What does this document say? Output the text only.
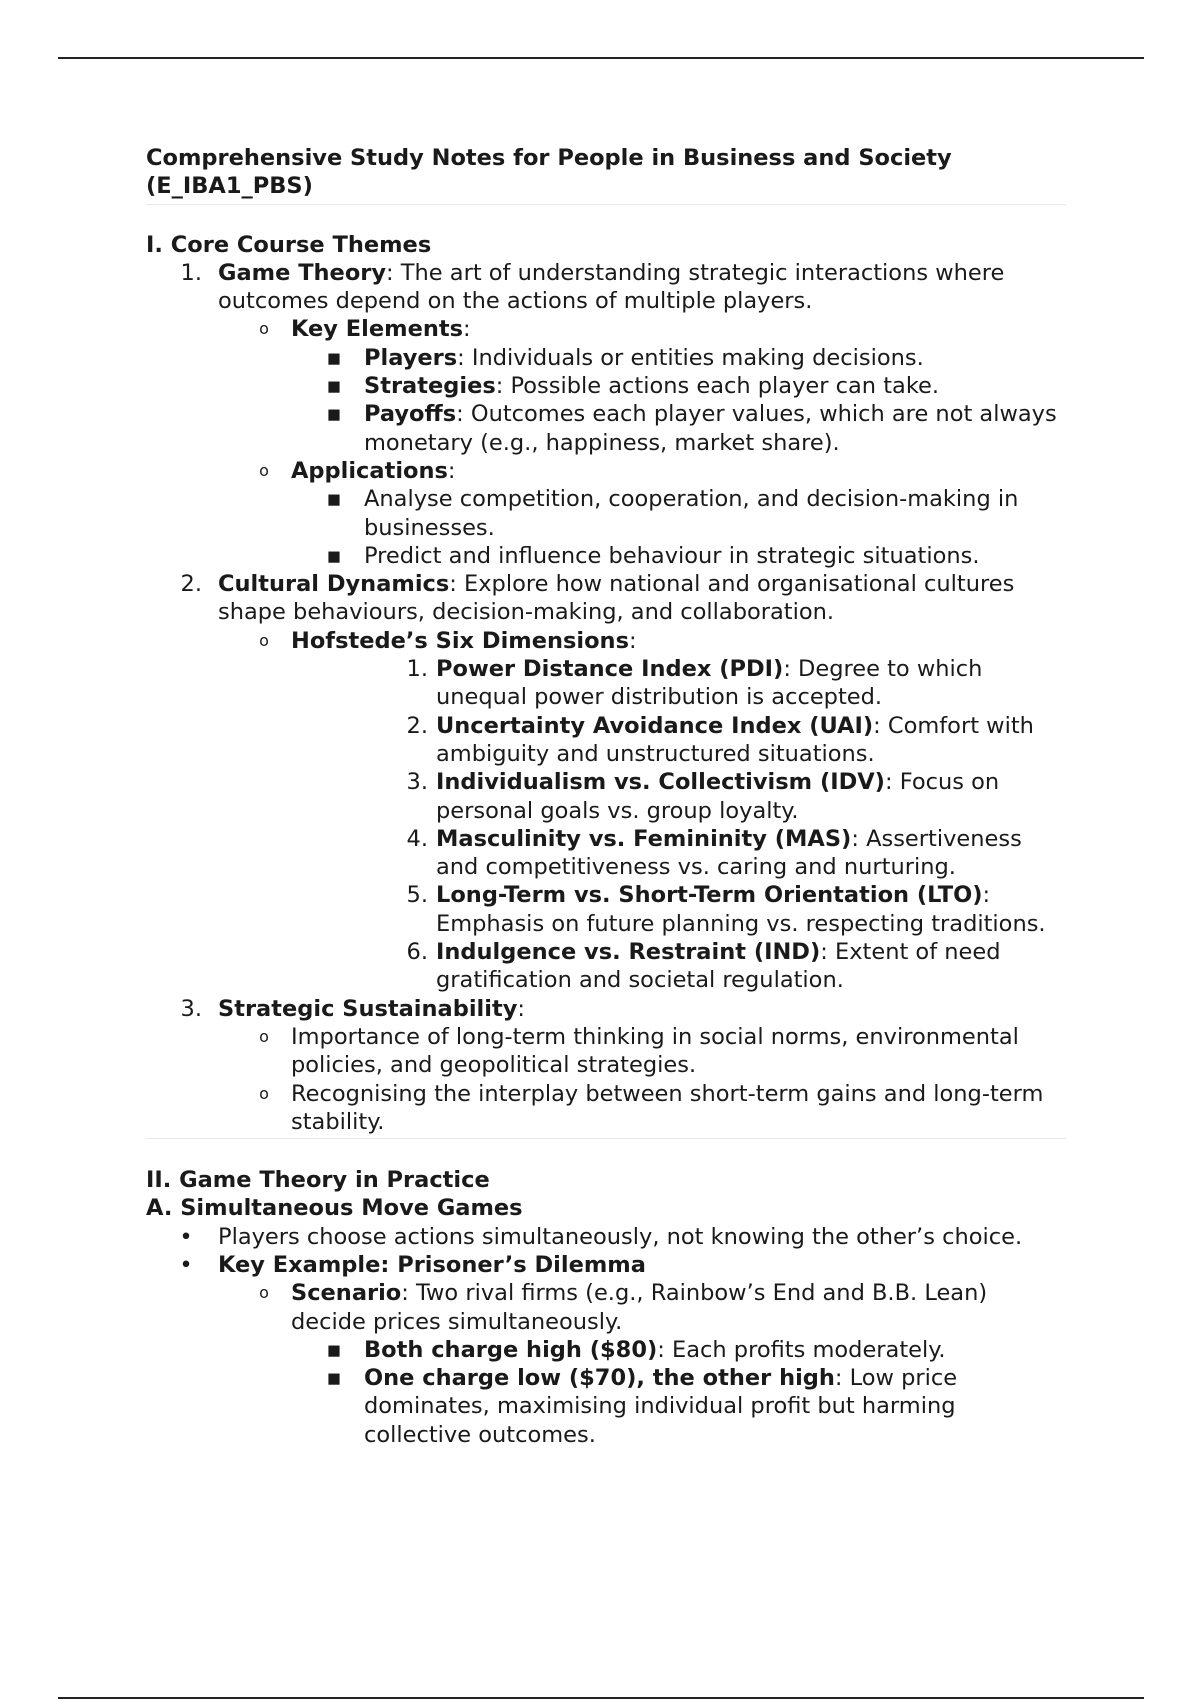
Comprehensive Study Notes for People in Business and Society (E_IBA1_PBS)
I. Core Course Themes
1. Game Theory: The art of understanding strategic interactions where outcomes depend on the actions of multiple players.
o Key Elements:
▪ Players: Individuals or entities making decisions.
▪ Strategies: Possible actions each player can take.
▪ Payoffs: Outcomes each player values, which are not always monetary (e.g., happiness, market share).
o Applications:
▪ Analyse competition, cooperation, and decision-making in businesses.
▪ Predict and influence behaviour in strategic situations.
2. Cultural Dynamics: Explore how national and organisational cultures shape behaviours, decision-making, and collaboration.
o Hofstede’s Six Dimensions:
1. Power Distance Index (PDI): Degree to which unequal power distribution is accepted.
2. Uncertainty Avoidance Index (UAI): Comfort with ambiguity and unstructured situations.
3. Individualism vs. Collectivism (IDV): Focus on personal goals vs. group loyalty.
4. Masculinity vs. Femininity (MAS): Assertiveness and competitiveness vs. caring and nurturing.
5. Long-Term vs. Short-Term Orientation (LTO): Emphasis on future planning vs. respecting traditions.
6. Indulgence vs. Restraint (IND): Extent of need gratification and societal regulation.
3. Strategic Sustainability:
o Importance of long-term thinking in social norms, environmental policies, and geopolitical strategies.
o Recognising the interplay between short-term gains and long-term stability.
II. Game Theory in Practice
A. Simultaneous Move Games
• Players choose actions simultaneously, not knowing the other’s choice.
• Key Example: Prisoner’s Dilemma
o Scenario: Two rival firms (e.g., Rainbow’s End and B.B. Lean) decide prices simultaneously.
▪ Both charge high ($80): Each profits moderately.
▪ One charge low ($70), the other high: Low price dominates, maximising individual profit but harming collective outcomes.
